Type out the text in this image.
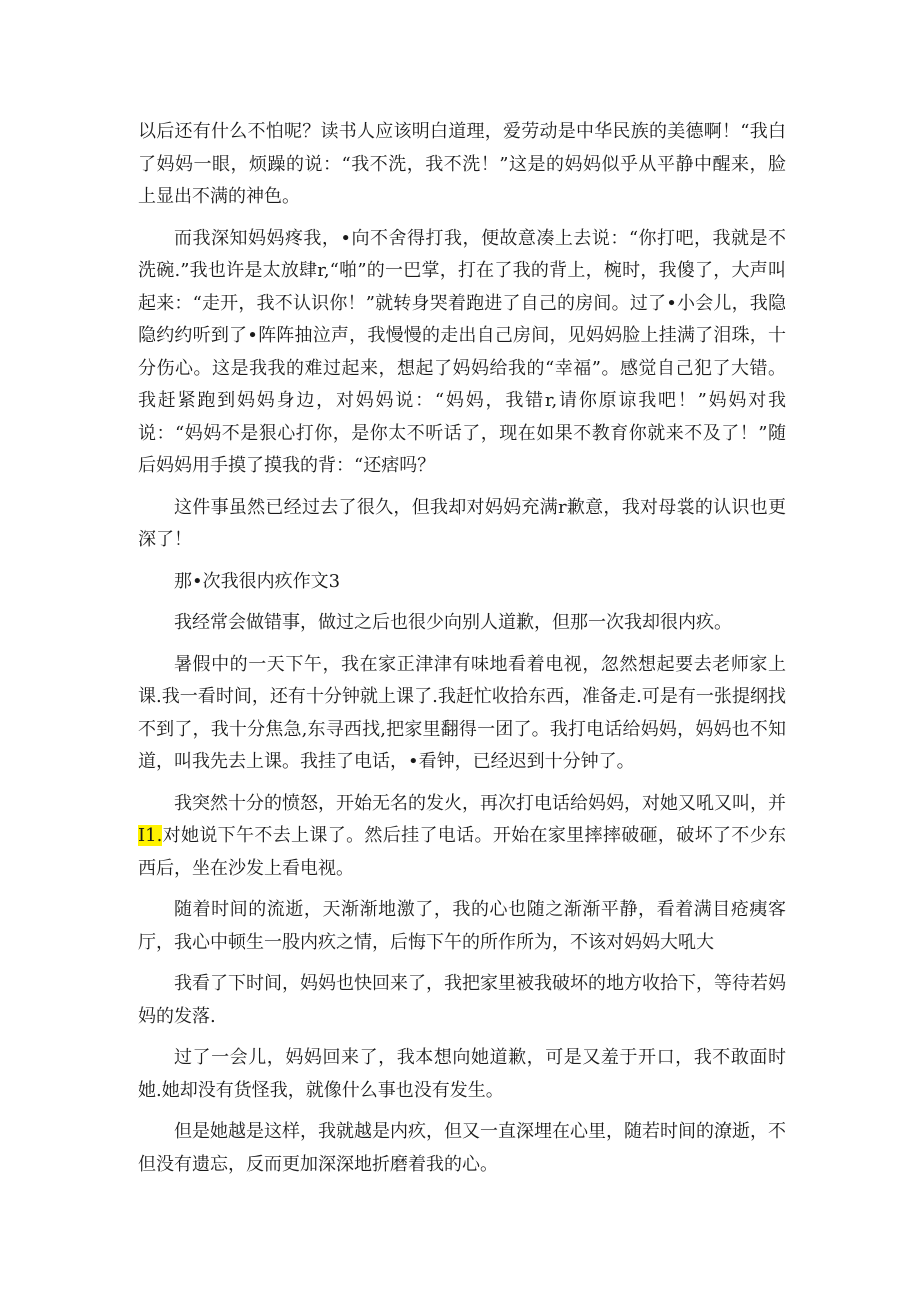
以后还有什么不怕呢？读书人应该明白道理，爱劳动是中华民族的美德啊！“我白了妈妈一眼，烦躁的说：“我不洗，我不洗！”这是的妈妈似乎从平静中醒来，脸上显出不满的神色。

而我深知妈妈疼我，•向不舍得打我，便故意凑上去说：“你打吧，我就是不洗碗.”我也许是太放肆r,“啪”的一巴掌，打在了我的背上，椀时，我傻了，大声叫起来：“走开，我不认识你！”就转身哭着跑进了自己的房间。过了•小会儿，我隐隐约约听到了•阵阵抽泣声，我慢慢的走出自己房间，见妈妈脸上挂满了泪珠，十分伤心。这是我我的难过起来，想起了妈妈给我的“幸福”。感觉自己犯了大错。我赶紧跑到妈妈身边，对妈妈说：“妈妈，我错r,请你原谅我吧！”妈妈对我说：“妈妈不是狠心打你，是你太不听话了，现在如果不教育你就来不及了！”随后妈妈用手摸了摸我的背：“还痞吗？

这件事虽然已经过去了很久，但我却对妈妈充满r歉意，我对母裳的认识也更深了！

那•次我很内疚作文3

我经常会做错事，做过之后也很少向别人道歉，但那一次我却很内疚。

暑假中的一天下午，我在家正津津有味地看着电视，忽然想起要去老师家上课.我一看时间，还有十分钟就上课了.我赶忙收拾东西，准备走.可是有一张提纲找不到了，我十分焦急,东寻西找,把家里翻得一团了。我打电话给妈妈，妈妈也不知道，叫我先去上课。我挂了电话，•看钟，已经迟到十分钟了。

我突然十分的愤怒，开始无名的发火，再次打电话给妈妈，对她又吼又叫，并I1.对她说下午不去上课了。然后挂了电话。开始在家里摔摔破砸，破坏了不少东西后，坐在沙发上看电视。

随着时间的流逝，天渐渐地激了，我的心也随之渐渐平静，看着满目疮痍客厅，我心中顿生一股内疚之情，后悔下午的所作所为，不该对妈妈大吼大

我看了下时间，妈妈也快回来了，我把家里被我破坏的地方收拾下，等待若妈妈的发落.

过了一会儿，妈妈回来了，我本想向她道歉，可是又羞于开口，我不敢面时她.她却没有货怪我，就像什么事也没有发生。

但是她越是这样，我就越是内疚，但又一直深埋在心里，随若时间的潦逝，不但没有遗忘，反而更加深深地折磨着我的心。
